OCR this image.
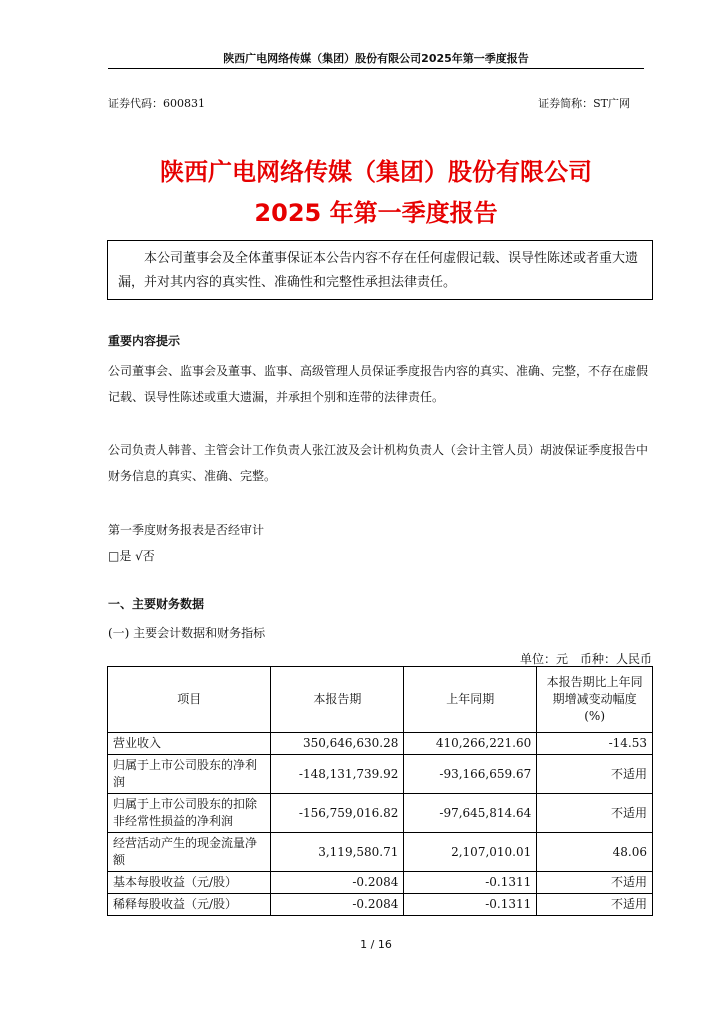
陕西广电网络传媒（集团）股份有限公司2025年第一季度报告
证券代码：600831	证券简称：ST广网
陕西广电网络传媒（集团）股份有限公司
2025 年第一季度报告

本公司董事会及全体董事保证本公告内容不存在任何虚假记载、误导性陈述或者重大遗漏，并对其内容的真实性、准确性和完整性承担法律责任。

重要内容提示

公司董事会、监事会及董事、监事、高级管理人员保证季度报告内容的真实、准确、完整，不存在虚假记载、误导性陈述或重大遗漏，并承担个别和连带的法律责任。

公司负责人韩普、主管会计工作负责人张江波及会计机构负责人（会计主管人员）胡波保证季度报告中财务信息的真实、准确、完整。

第一季度财务报表是否经审计

□是 √否

一、主要财务数据

(一) 主要会计数据和财务指标

单位：元　币种：人民币
项目	本报告期	上年同期	本报告期比上年同期增减变动幅度(%)
营业收入	350,646,630.28	410,266,221.60	-14.53
归属于上市公司股东的净利润	-148,131,739.92	-93,166,659.67	不适用
归属于上市公司股东的扣除非经常性损益的净利润	-156,759,016.82	-97,645,814.64	不适用
经营活动产生的现金流量净额	3,119,580.71	2,107,010.01	48.06
基本每股收益（元/股）	-0.2084	-0.1311	不适用
稀释每股收益（元/股）	-0.2084	-0.1311	不适用
1 / 16
